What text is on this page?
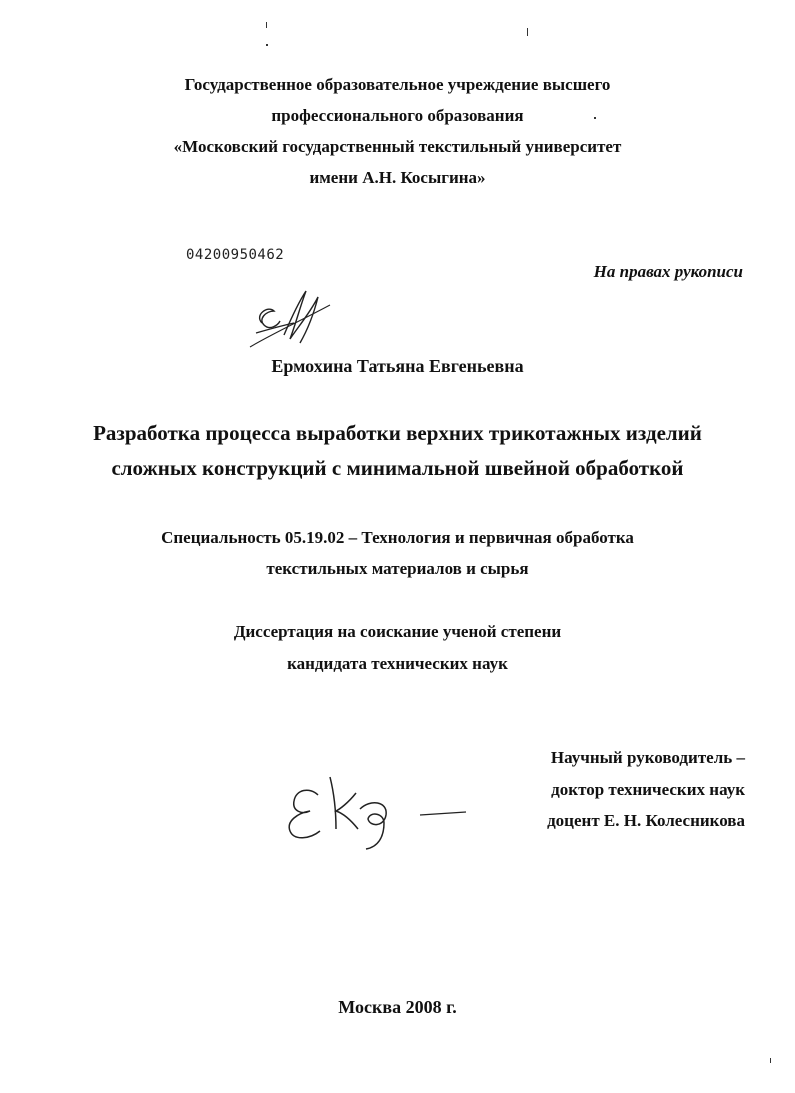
Государственное образовательное учреждение высшего
профессионального образования
«Московский государственный текстильный университет
имени А.Н. Косыгина»
04200950462
На правах рукописи
Ермохина Татьяна Евгеньевна
Разработка процесса выработки верхних трикотажных изделий
сложных конструкций с минимальной швейной обработкой
Специальность 05.19.02 – Технология и первичная обработка
текстильных материалов и сырья
Диссертация на соискание ученой степени
кандидата технических наук
Научный руководитель –
доктор технических наук
доцент Е. Н. Колесникова
Москва 2008 г.
